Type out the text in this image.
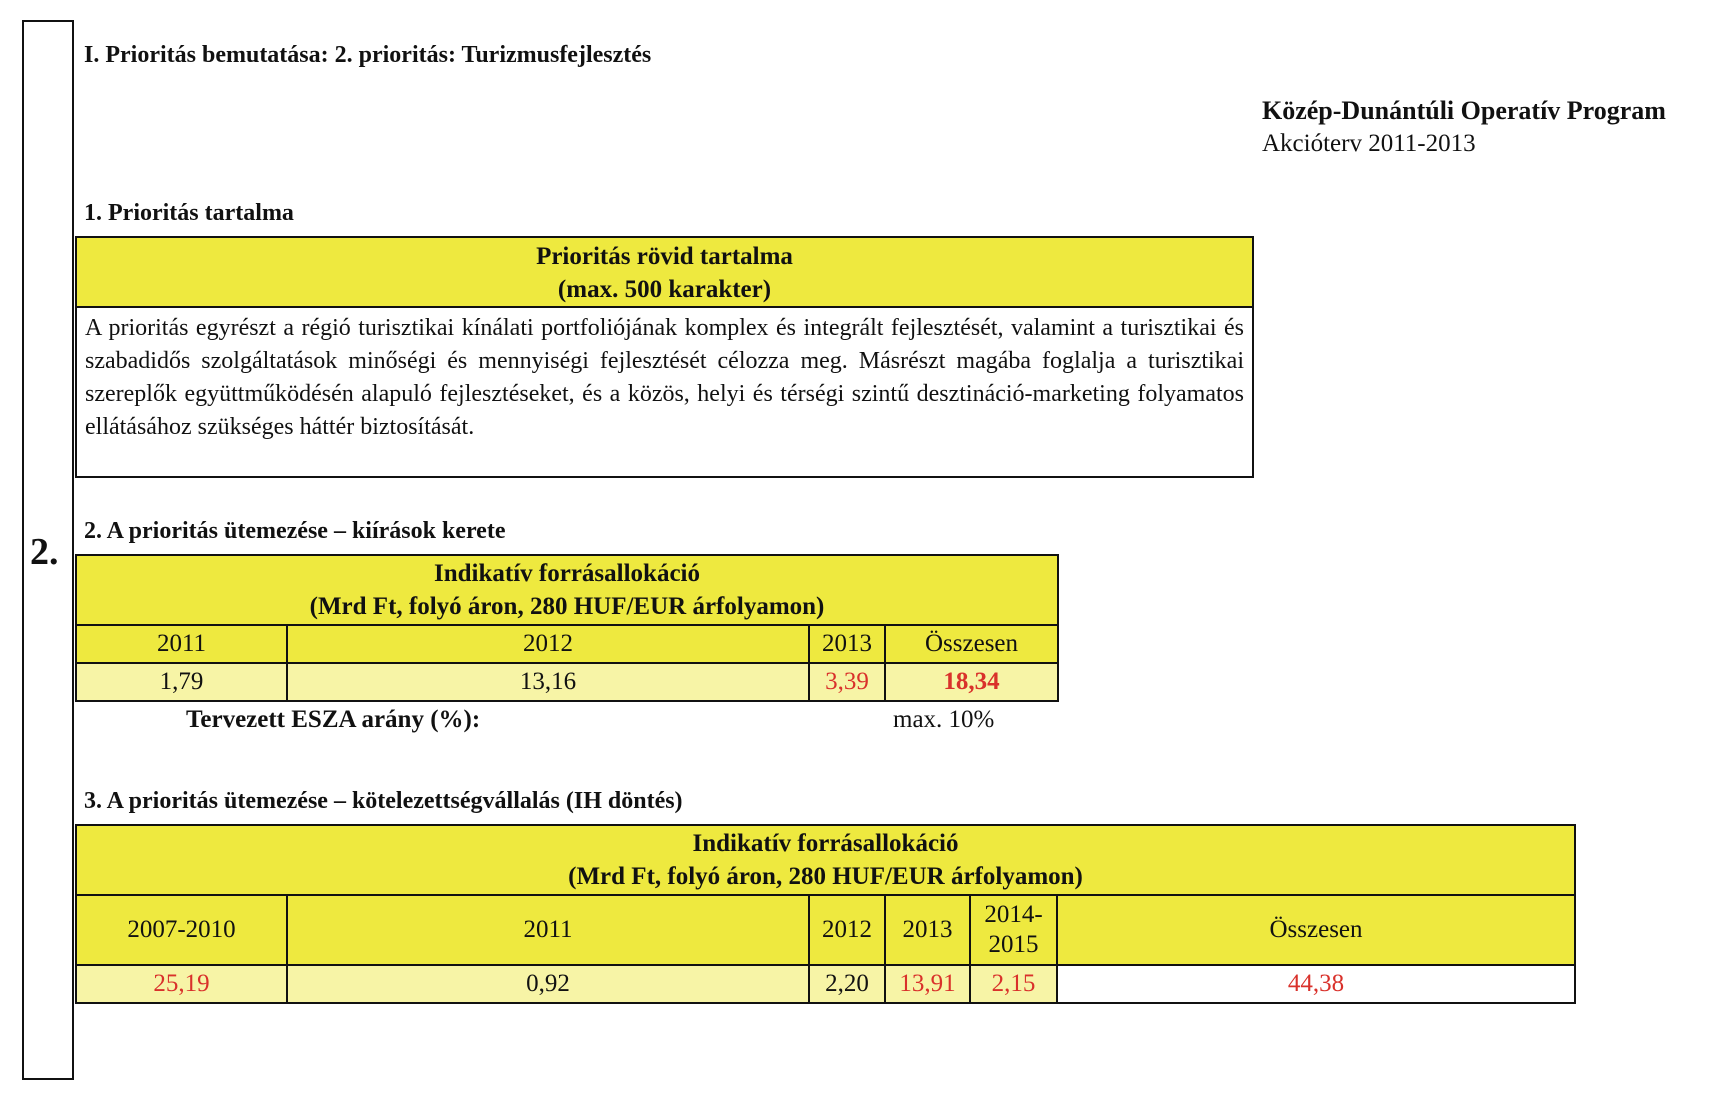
2.
I. Prioritás bemutatása: 2. prioritás: Turizmusfejlesztés
Közép-Dunántúli Operatív Program
Akcióterv 2011-2013
1. Prioritás tartalma
Prioritás rövid tartalma
(max. 500 karakter)
A prioritás egyrészt a régió turisztikai kínálati portfoliójának komplex és integrált fejlesztését, valamint a turisztikai és szabadidős szolgáltatások minőségi és mennyiségi fejlesztését célozza meg. Másrészt magába foglalja a turisztikai szereplők együttműködésén alapuló fejlesztéseket, és a közös, helyi és térségi szintű desztináció-marketing folyamatos ellátásához szükséges háttér biztosítását.
2. A prioritás ütemezése – kiírások kerete
Indikatív forrásallokáció
(Mrd Ft, folyó áron, 280 HUF/EUR árfolyamon)			

2011	2012	2013	Összesen
1,79	13,16	3,39	18,34
Tervezett ESZA arány (%):	max. 10%
3. A prioritás ütemezése – kötelezettségvállalás (IH döntés)
Indikatív forrásallokáció
(Mrd Ft, folyó áron, 280 HUF/EUR árfolyamon)					

2007-2010	2011	2012	2013	2014-2015	Összesen
25,19	0,92	2,20	13,91	2,15	44,38
